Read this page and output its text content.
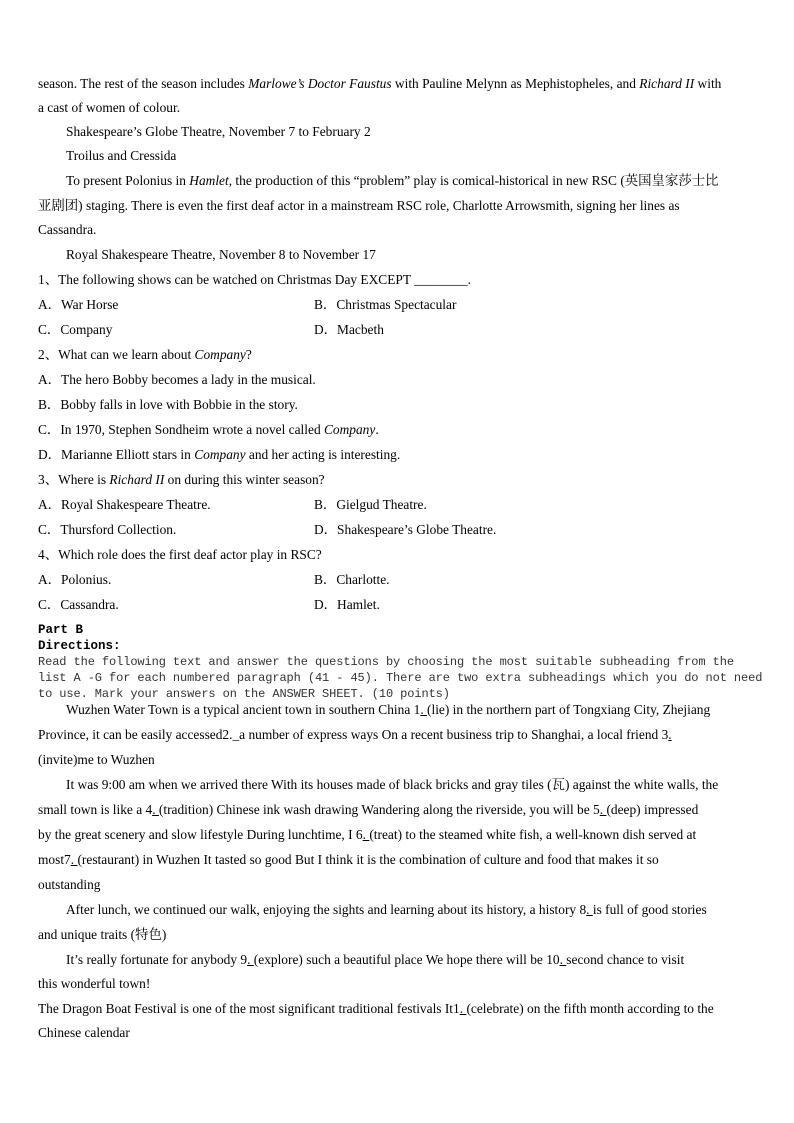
season. The rest of the season includes Marlowe’s Doctor Faustus with Pauline Melynn as Mephistopheles, and Richard II with
a cast of women of colour.
Shakespeare’s Globe Theatre, November 7 to February 2
Troilus and Cressida
To present Polonius in Hamlet, the production of this “problem” play is comical-historical in new RSC (英国皇家莎士比
亚剧团) staging. There is even the first deaf actor in a mainstream RSC role, Charlotte Arrowsmith, signing her lines as
Cassandra.
Royal Shakespeare Theatre, November 8 to November 17
1、The following shows can be watched on Christmas Day EXCEPT ________.
A．War Horse	B．Christmas Spectacular
C．Company	D．Macbeth
2、What can we learn about Company?
A．The hero Bobby becomes a lady in the musical.
B．Bobby falls in love with Bobbie in the story.
C．In 1970, Stephen Sondheim wrote a novel called Company.
D．Marianne Elliott stars in Company and her acting is interesting.
3、Where is Richard II on during this winter season?
A．Royal Shakespeare Theatre.	B．Gielgud Theatre.
C．Thursford Collection.	D．Shakespeare’s Globe Theatre.
4、Which role does the first deaf actor play in RSC?
A．Polonius.	B．Charlotte.
C．Cassandra.	D．Hamlet.
Part B
Directions:
Read the following text and answer the questions by choosing the most suitable subheading from the
list A -G for each numbered paragraph (41 - 45). There are two extra subheadings which you do not need
to use. Mark your answers on the ANSWER SHEET. (10 points)
Wuzhen Water Town is a typical ancient town in southern China 1. (lie) in the northern part of Tongxiang City, Zhejiang
Province, it can be easily accessed2._a number of express ways On a recent business trip to Shanghai, a local friend 3.
(invite)me to Wuzhen
It was 9:00 am when we arrived there With its houses made of black bricks and gray tiles (瓦) against the white walls, the
small town is like a 4. (tradition) Chinese ink wash drawing Wandering along the riverside, you will be 5. (deep) impressed
by the great scenery and slow lifestyle During lunchtime, I 6. (treat) to the steamed white fish, a well-known dish served at
most7. (restaurant) in Wuzhen It tasted so good But I think it is the combination of culture and food that makes it so
outstanding
After lunch, we continued our walk, enjoying the sights and learning about its history, a history 8. is full of good stories
and unique traits (特色)
It’s really fortunate for anybody 9. (explore) such a beautiful place We hope there will be 10. second chance to visit
this wonderful town!
The Dragon Boat Festival is one of the most significant traditional festivals It1. (celebrate) on the fifth month according to the
Chinese calendar
